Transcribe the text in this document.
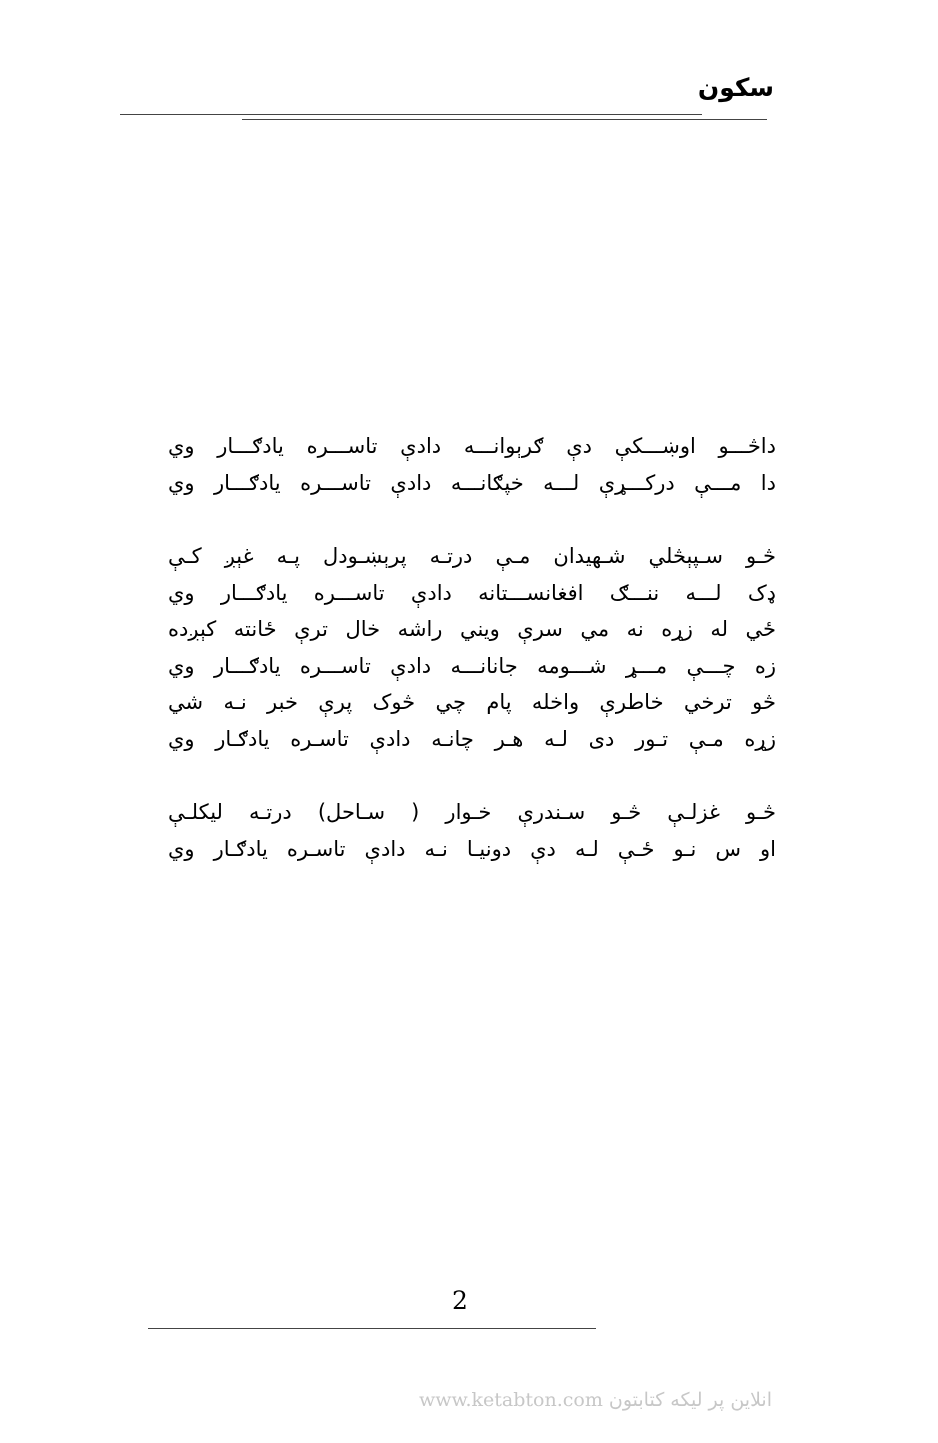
سکون
داڅـــو اوښـــکې دې ګرېوانـــه دادې تاســـره يادګـــار وي
دا مـــې درکـــړې لـــه خپګانـــه دادې تاســـره يادګـــار وي
څـو سـپېڅلي شـهيدان مـې درتـه پرېښـودل پـه غېږ کـې
ډک لـــه ننـــګ افغانســـتانه دادې تاســـره يادګـــار وي
ځي له زړه نه مي سرې ويني راشه خال ترې ځانته کېږده
زه چـــې مـــړ شـــومه جانانـــه دادې تاســـره يادګـــار وي
څو ترخي خاطرې واخله پام چي څوک پرې خبر نـه شي
زړه مـې تـور دی لـه هـر چانـه دادې تاسـره يادګـار وي
څـو غزلـې څـو سـندرې خـوار ( سـاحل) درتـه ليکلـې
او س نـو ځـې لـه دې دونيـا نـه دادې تاسـره يادګـار وي
2
www.ketabton.com انلاین پر لیکه کتابتون
